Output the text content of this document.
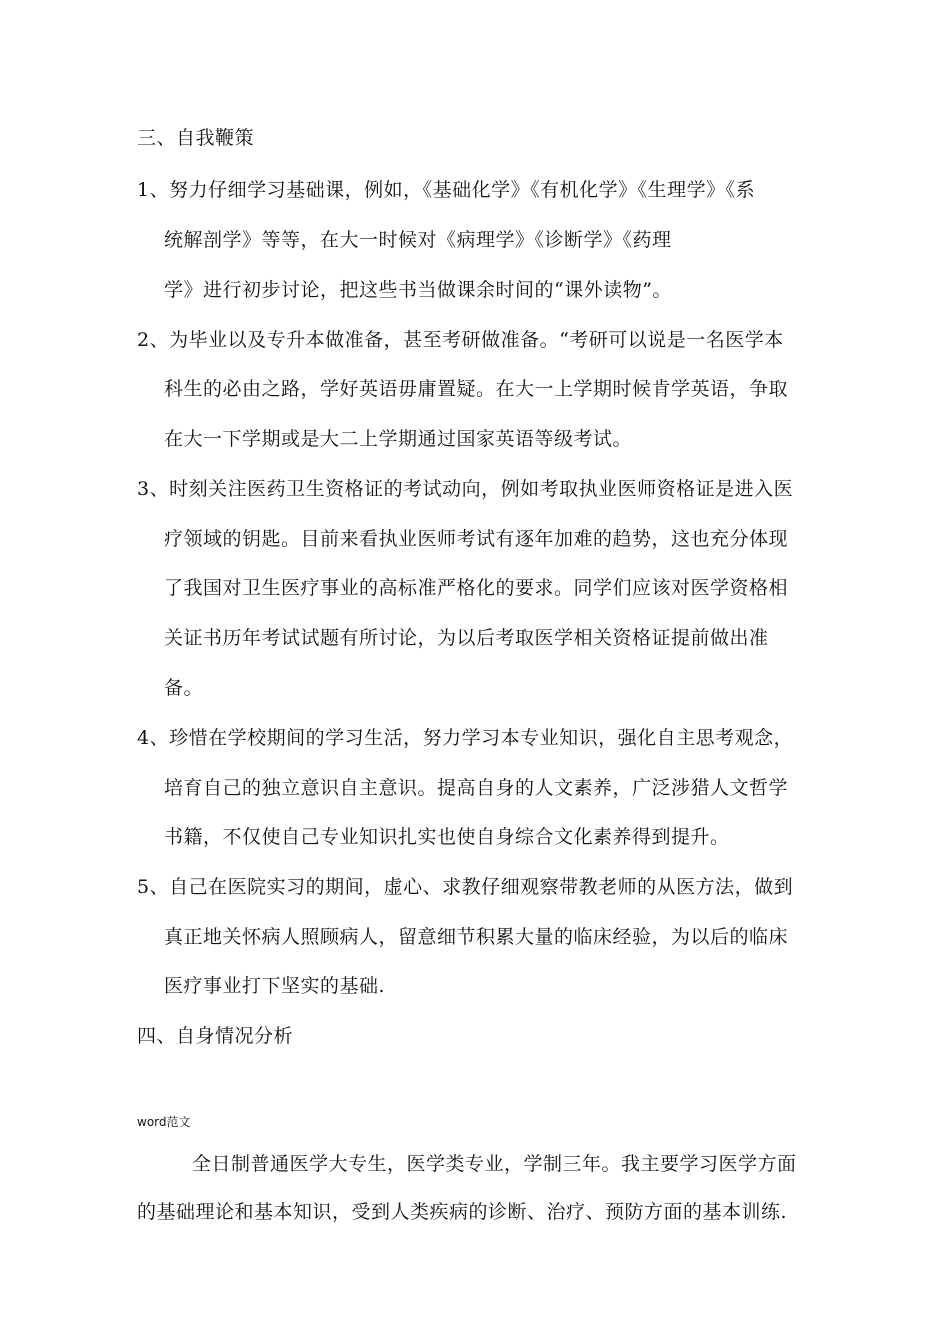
三、自我鞭策
1、努力仔细学习基础课，例如，《基础化学》《有机化学》《生理学》《系
统解剖学》等等，在大一时候对《病理学》《诊断学》《药理
学》进行初步讨论，把这些书当做课余时间的“课外读物”。
2、为毕业以及专升本做准备，甚至考研做准备。“考研可以说是一名医学本
科生的必由之路，学好英语毋庸置疑。在大一上学期时候肯学英语，争取
在大一下学期或是大二上学期通过国家英语等级考试。
3、时刻关注医药卫生资格证的考试动向，例如考取执业医师资格证是进入医
疗领域的钥匙。目前来看执业医师考试有逐年加难的趋势，这也充分体现
了我国对卫生医疗事业的高标准严格化的要求。同学们应该对医学资格相
关证书历年考试试题有所讨论，为以后考取医学相关资格证提前做出准
备。
4、珍惜在学校期间的学习生活，努力学习本专业知识，强化自主思考观念，
培育自己的独立意识自主意识。提高自身的人文素养，广泛涉猎人文哲学
书籍，不仅使自己专业知识扎实也使自身综合文化素养得到提升。
5、自己在医院实习的期间，虚心、求教仔细观察带教老师的从医方法，做到
真正地关怀病人照顾病人，留意细节积累大量的临床经验，为以后的临床
医疗事业打下坚实的基础.
四、自身情况分析
word范文
全日制普通医学大专生，医学类专业，学制三年。我主要学习医学方面
的基础理论和基本知识，受到人类疾病的诊断、治疗、预防方面的基本训练.
